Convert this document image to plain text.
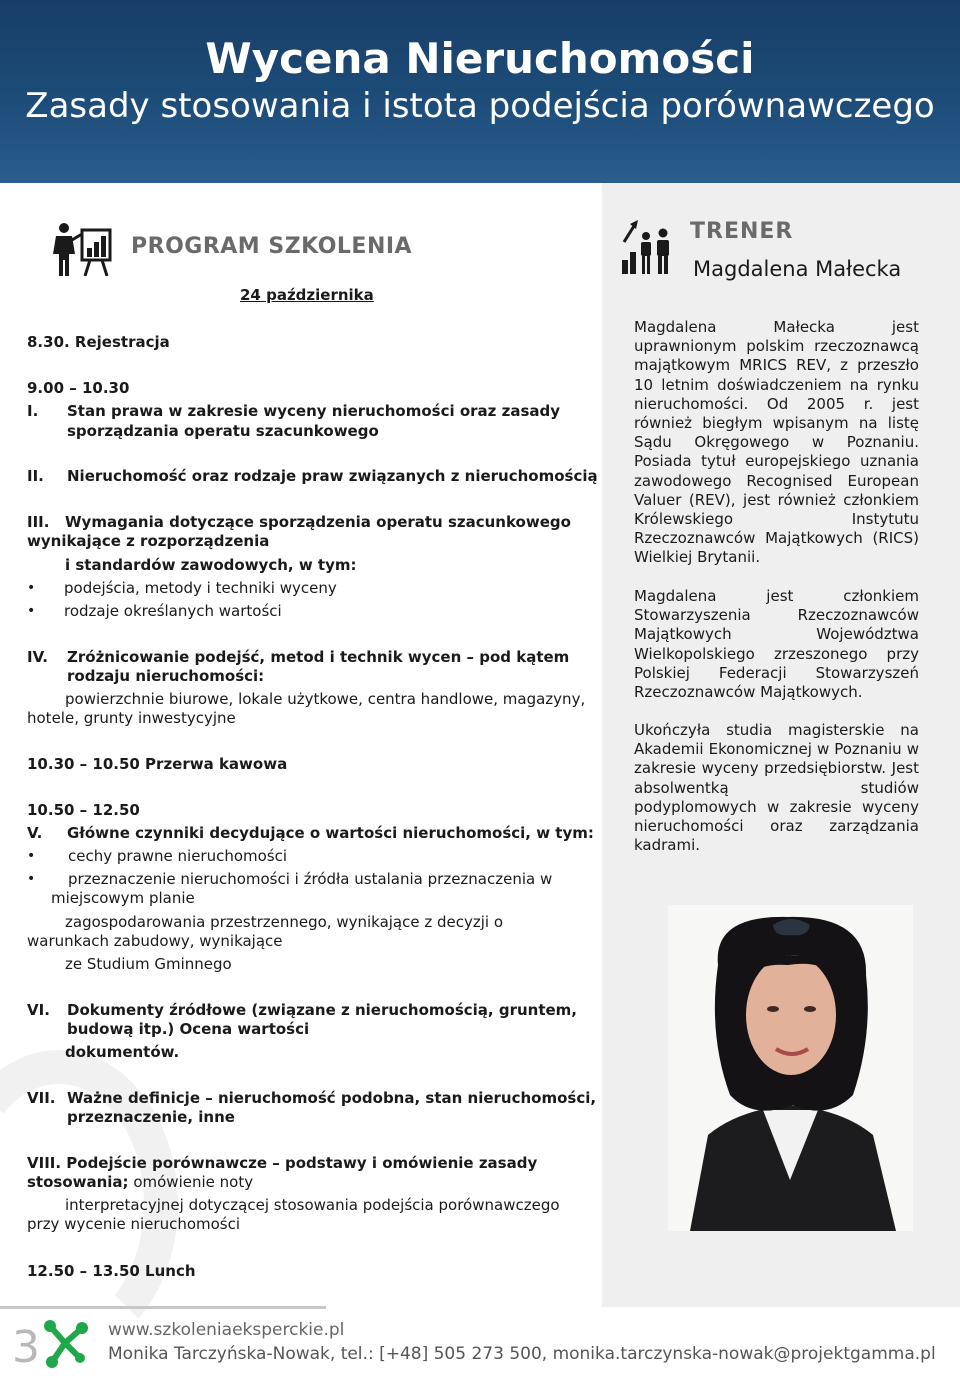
Wycena Nieruchomości
Zasady stosowania i istota podejścia porównawczego
PROGRAM SZKOLENIA
24 października
8.30. Rejestracja
9.00 – 10.30
I. Stan prawa w zakresie wyceny nieruchomości oraz zasady
sporządzania operatu szacunkowego
II. Nieruchomość oraz rodzaje praw związanych z nieruchomością
III. Wymagania dotyczące sporządzenia operatu szacunkowego
wynikające z rozporządzenia
i standardów zawodowych, w tym:
• podejścia, metody i techniki wyceny
• rodzaje określanych wartości
IV. Zróżnicowanie podejść, metod i technik wycen – pod kątem
rodzaju nieruchomości:
powierzchnie biurowe, lokale użytkowe, centra handlowe, magazyny,
hotele, grunty inwestycyjne
10.30 – 10.50 Przerwa kawowa
10.50 – 12.50
V. Główne czynniki decydujące o wartości nieruchomości, w tym:
• cechy prawne nieruchomości
• przeznaczenie nieruchomości i źródła ustalania przeznaczenia w
miejscowym planie
zagospodarowania przestrzennego, wynikające z decyzji o
warunkach zabudowy, wynikające
ze Studium Gminnego
VI. Dokumenty źródłowe (związane z nieruchomością, gruntem,
budową itp.) Ocena wartości
dokumentów.
VII. Ważne definicje – nieruchomość podobna, stan nieruchomości,
przeznaczenie, inne
VIII. Podejście porównawcze – podstawy i omówienie zasady
stosowania; omówienie noty
interpretacyjnej dotyczącej stosowania podejścia porównawczego
przy wycenie nieruchomości
12.50 – 13.50 Lunch
TRENER
Magdalena Małecka
Magdalena Małecka jest uprawnionym polskim rzeczoznawcą majątkowym MRICS REV, z przeszło 10 letnim doświadczeniem na rynku nieruchomości. Od 2005 r. jest również biegłym wpisanym na listę Sądu Okręgowego w Poznaniu. Posiada tytuł europejskiego uznania zawodowego Recognised European Valuer (REV), jest również członkiem Królewskiego Instytutu Rzeczoznawców Majątkowych (RICS) Wielkiej Brytanii.
Magdalena jest członkiem Stowarzyszenia Rzeczoznawców Majątkowych Województwa Wielkopolskiego zrzeszonego przy Polskiej Federacji Stowarzyszeń Rzeczoznawców Majątkowych.
Ukończyła studia magisterskie na Akademii Ekonomicznej w Poznaniu w zakresie wyceny przedsiębiorstw. Jest absolwentką studiów podyplomowych w zakresie wyceny nieruchomości oraz zarządzania kadrami.
3	www.szkoleniaeksperckie.pl
Monika Tarczyńska-Nowak, tel.: [+48] 505 273 500, monika.tarczynska-nowak@projektgamma.pl
